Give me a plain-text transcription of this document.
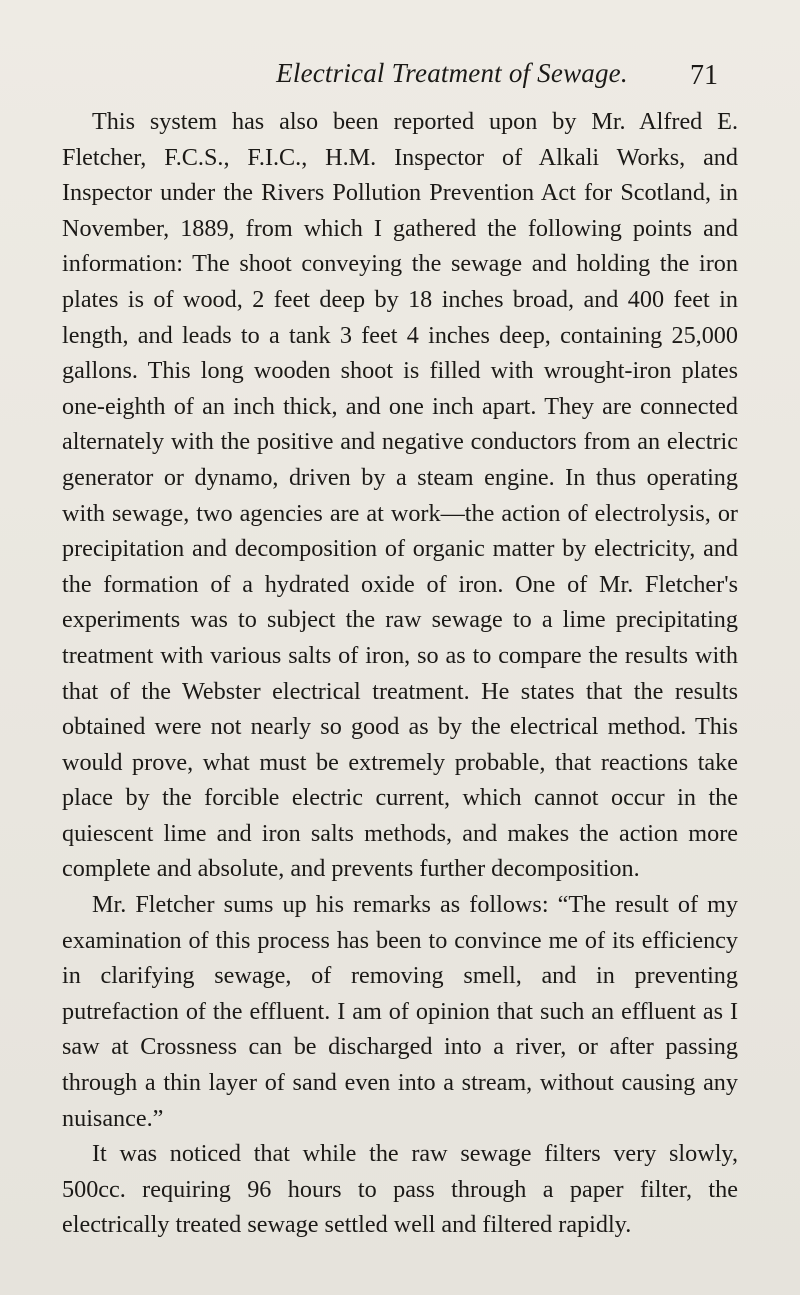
Electrical Treatment of Sewage.	71

This system has also been reported upon by Mr. Alfred E. Fletcher, F.C.S., F.I.C., H.M. Inspector of Alkali Works, and Inspector under the Rivers Pollution Prevention Act for Scotland, in November, 1889, from which I gathered the following points and information: The shoot conveying the sewage and holding the iron plates is of wood, 2 feet deep by 18 inches broad, and 400 feet in length, and leads to a tank 3 feet 4 inches deep, containing 25,000 gallons. This long wooden shoot is filled with wrought-iron plates one-eighth of an inch thick, and one inch apart. They are connected alternately with the positive and negative conductors from an electric generator or dynamo, driven by a steam engine. In thus operating with sewage, two agencies are at work—the action of electrolysis, or precipitation and decomposition of organic matter by electricity, and the formation of a hydrated oxide of iron. One of Mr. Fletcher's experiments was to subject the raw sewage to a lime precipitating treatment with various salts of iron, so as to compare the results with that of the Webster electrical treatment. He states that the results obtained were not nearly so good as by the electrical method. This would prove, what must be extremely probable, that reactions take place by the forcible electric current, which cannot occur in the quiescent lime and iron salts methods, and makes the action more complete and absolute, and prevents further decomposition.

Mr. Fletcher sums up his remarks as follows: “The result of my examination of this process has been to convince me of its efficiency in clarifying sewage, of removing smell, and in preventing putrefaction of the effluent. I am of opinion that such an effluent as I saw at Crossness can be discharged into a river, or after passing through a thin layer of sand even into a stream, without causing any nuisance.”

It was noticed that while the raw sewage filters very slowly, 500cc. requiring 96 hours to pass through a paper filter, the electrically treated sewage settled well and filtered rapidly.
